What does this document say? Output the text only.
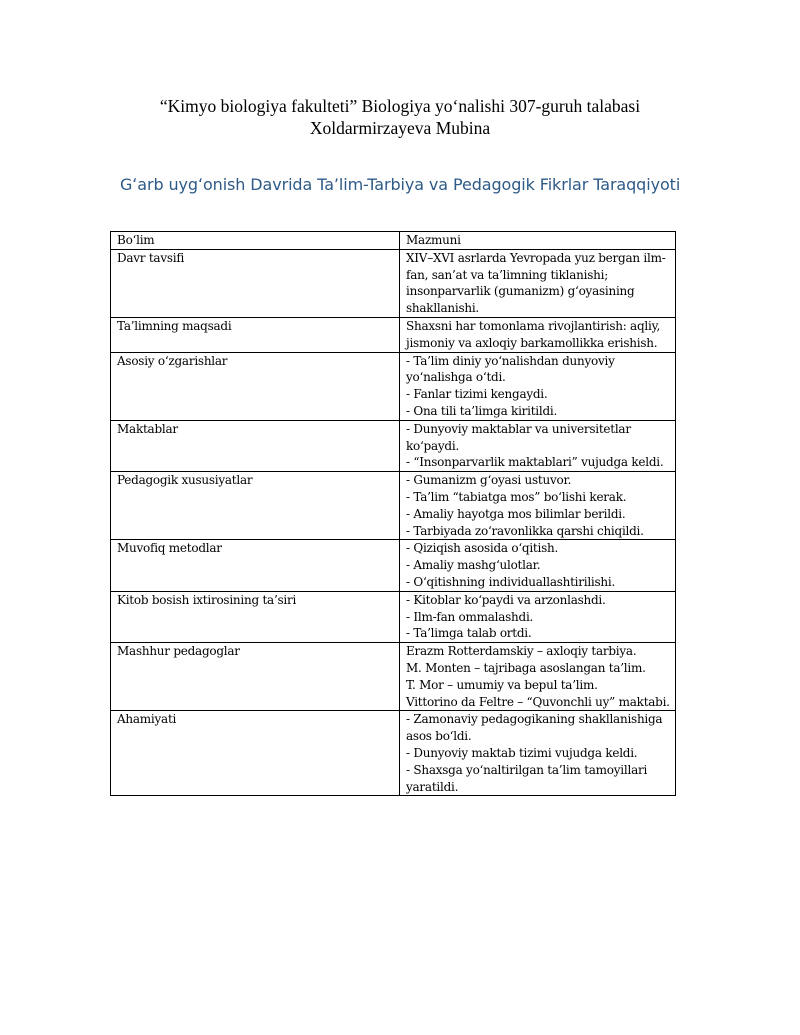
“Kimyo biologiya fakulteti” Biologiya yoʻnalishi 307-guruh talabasi
Xoldarmirzayeva Mubina
Gʻarb uygʻonish Davrida Ta’lim-Tarbiya va Pedagogik Fikrlar Taraqqiyoti
Bo‘lim	Mazmuni
Davr tavsifi	XIV–XVI asrlarda Yevropada yuz bergan ilm-
fan, san’at va ta’limning tiklanishi;
insonparvarlik (gumanizm) g‘oyasining
shakllanishi.

Ta’limning maqsadi	Shaxsni har tomonlama rivojlantirish: aqliy,
jismoniy va axloqiy barkamollikka erishish.

Asosiy o‘zgarishlar	- Ta’lim diniy yo‘nalishdan dunyoviy
yo‘nalishga o‘tdi.
- Fanlar tizimi kengaydi.
- Ona tili ta’limga kiritildi.

Maktablar	- Dunyoviy maktablar va universitetlar
ko‘paydi.
- “Insonparvarlik maktablari” vujudga keldi.

Pedagogik xususiyatlar	- Gumanizm g‘oyasi ustuvor.
- Ta’lim “tabiatga mos” bo‘lishi kerak.
- Amaliy hayotga mos bilimlar berildi.
- Tarbiyada zo‘ravonlikka qarshi chiqildi.

Muvofiq metodlar	- Qiziqish asosida o‘qitish.
- Amaliy mashg‘ulotlar.
- O‘qitishning individuallashtirilishi.

Kitob bosish ixtirosining ta’siri	- Kitoblar ko‘paydi va arzonlashdi.
- Ilm-fan ommalashdi.
- Ta’limga talab ortdi.

Mashhur pedagoglar	Erazm Rotterdamskiy – axloqiy tarbiya.
M. Monten – tajribaga asoslangan ta’lim.
T. Mor – umumiy va bepul ta’lim.
Vittorino da Feltre – “Quvonchli uy” maktabi.

Ahamiyati	- Zamonaviy pedagogikaning shakllanishiga
asos bo‘ldi.
- Dunyoviy maktab tizimi vujudga keldi.
- Shaxsga yo‘naltirilgan ta’lim tamoyillari
yaratildi.
